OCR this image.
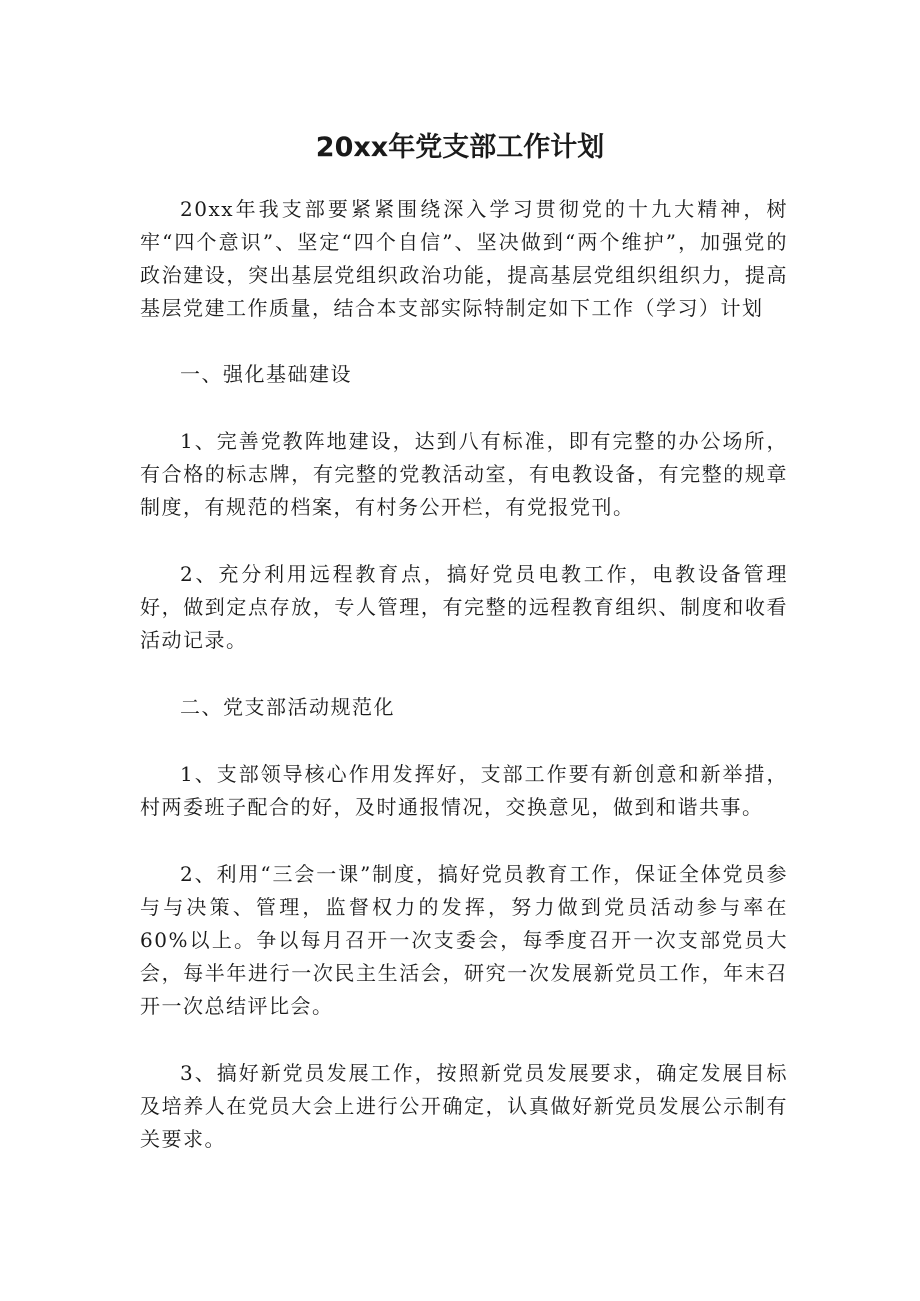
20xx年党支部工作计划

20xx年我支部要紧紧围绕深入学习贯彻党的十九大精神，树牢“四个意识”、坚定“四个自信”、坚决做到“两个维护”，加强党的政治建设，突出基层党组织政治功能，提高基层党组织组织力，提高基层党建工作质量，结合本支部实际特制定如下工作（学习）计划

一、强化基础建设

1、完善党教阵地建设，达到八有标准，即有完整的办公场所，有合格的标志牌，有完整的党教活动室，有电教设备，有完整的规章制度，有规范的档案，有村务公开栏，有党报党刊。

2、充分利用远程教育点，搞好党员电教工作，电教设备管理好，做到定点存放，专人管理，有完整的远程教育组织、制度和收看活动记录。

二、党支部活动规范化

1、支部领导核心作用发挥好，支部工作要有新创意和新举措，村两委班子配合的好，及时通报情况，交换意见，做到和谐共事。

2、利用“三会一课”制度，搞好党员教育工作，保证全体党员参与与决策、管理，监督权力的发挥，努力做到党员活动参与率在60%以上。争以每月召开一次支委会，每季度召开一次支部党员大会，每半年进行一次民主生活会，研究一次发展新党员工作，年末召开一次总结评比会。

3、搞好新党员发展工作，按照新党员发展要求，确定发展目标及培养人在党员大会上进行公开确定，认真做好新党员发展公示制有关要求。
